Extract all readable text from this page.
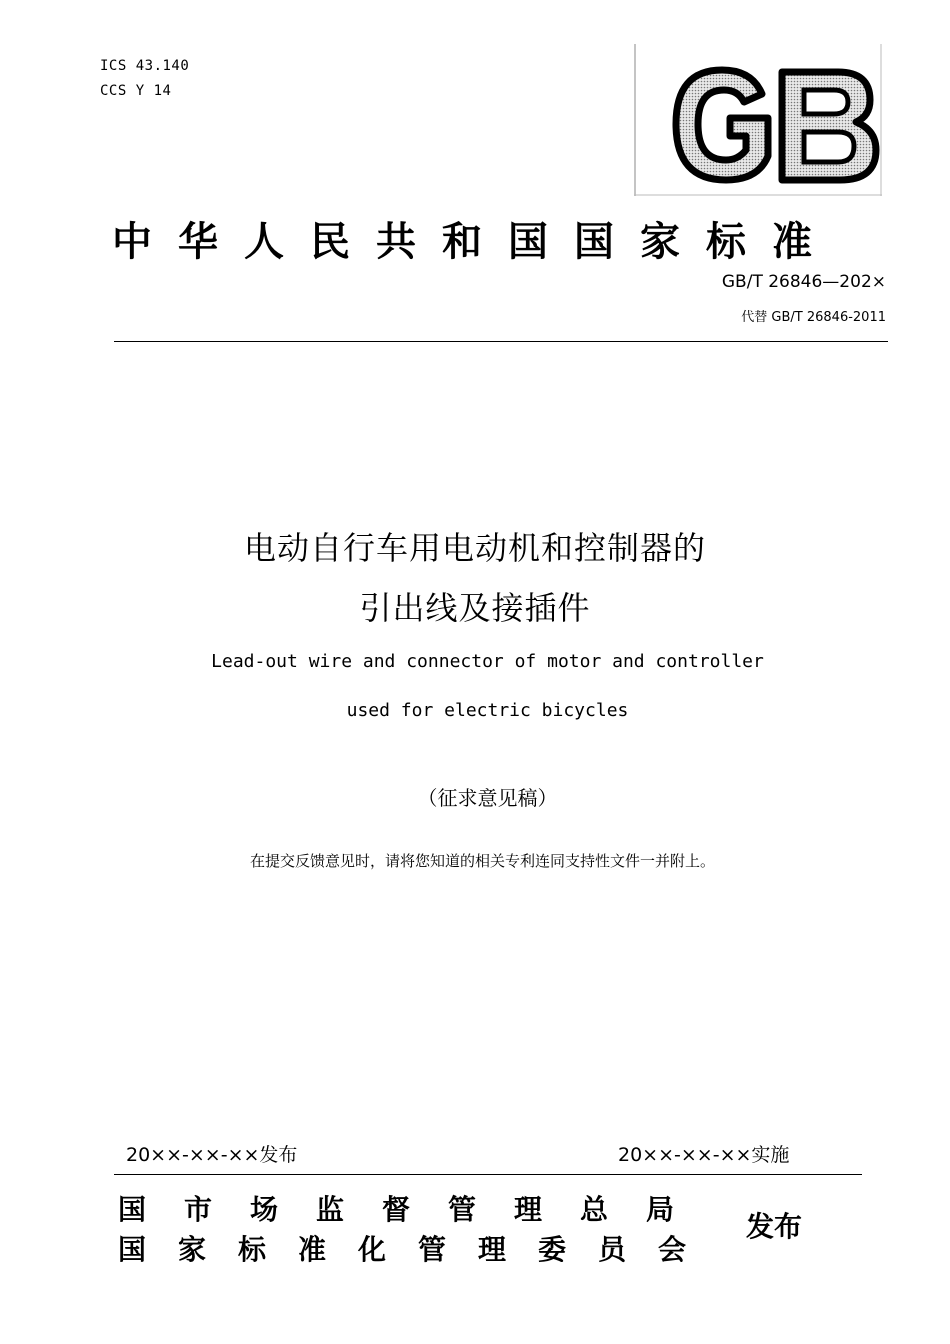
ICS 43.140
CCS Y 14
GB
中华人民共和国国家标准
GB/T 26846—202×
代替 GB/T 26846-2011
电动自行车用电动机和控制器的
引出线及接插件
Lead-out wire and connector of motor and controller
used for electric bicycles
（征求意见稿）
在提交反馈意见时，请将您知道的相关专利连同支持性文件一并附上。
20××-××-××发布	20××-××-××实施
国市场监督管理总局
国家标准化管理委员会
发布
